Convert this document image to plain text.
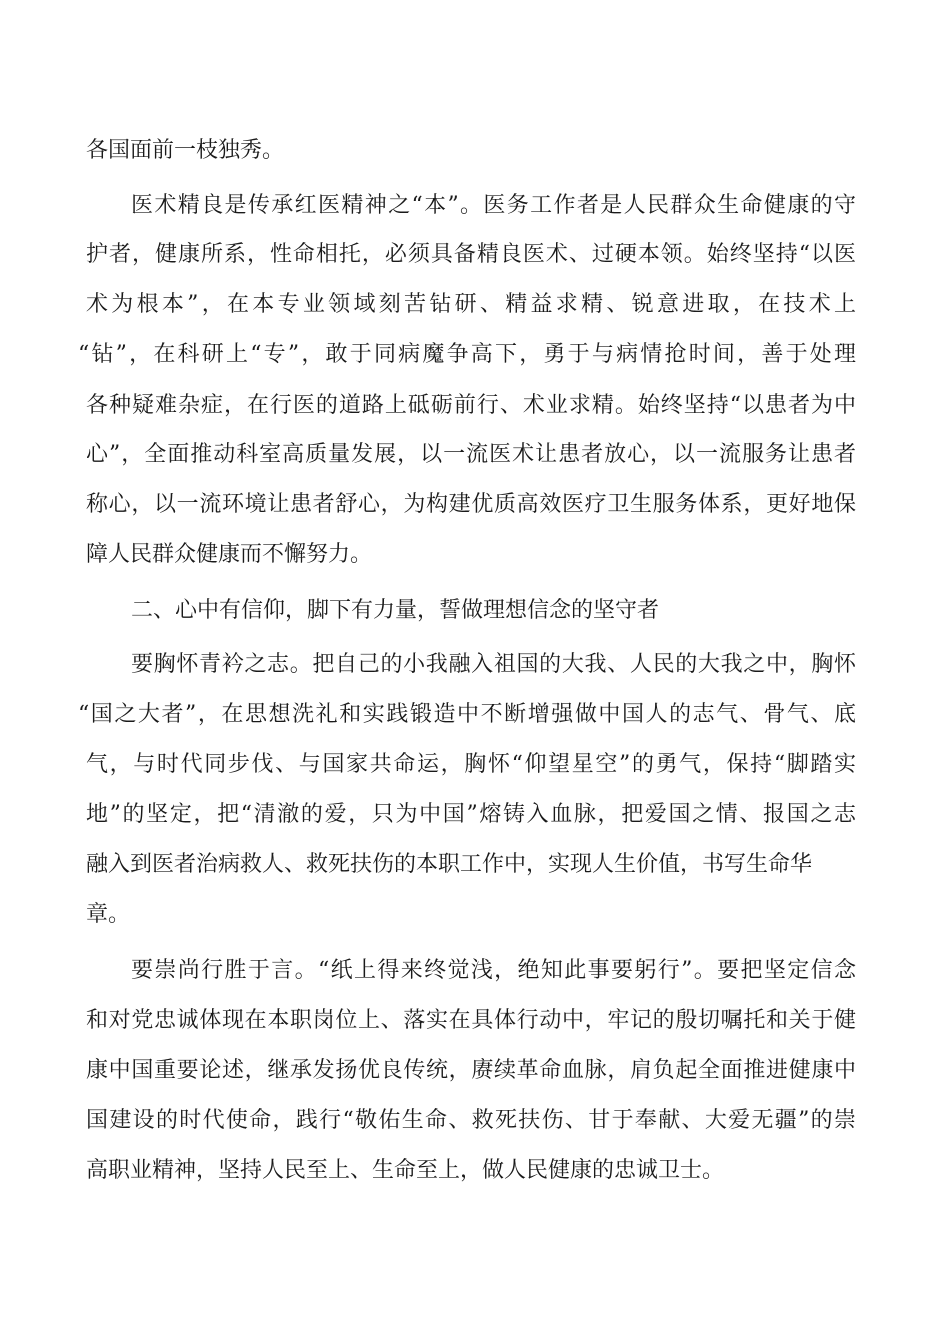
各国面前一枝独秀。
医术精良是传承红医精神之“本”。医务工作者是人民群众生命健康的守
护者，健康所系，性命相托，必须具备精良医术、过硬本领。始终坚持“以医
术为根本”，在本专业领域刻苦钻研、精益求精、锐意进取，在技术上
“钻”，在科研上“专”，敢于同病魔争高下，勇于与病情抢时间，善于处理
各种疑难杂症，在行医的道路上砥砺前行、术业求精。始终坚持“以患者为中
心”，全面推动科室高质量发展，以一流医术让患者放心，以一流服务让患者
称心，以一流环境让患者舒心，为构建优质高效医疗卫生服务体系，更好地保
障人民群众健康而不懈努力。
二、心中有信仰，脚下有力量，誓做理想信念的坚守者
要胸怀青衿之志。把自己的小我融入祖国的大我、人民的大我之中，胸怀
“国之大者”，在思想洗礼和实践锻造中不断增强做中国人的志气、骨气、底
气，与时代同步伐、与国家共命运，胸怀“仰望星空”的勇气，保持“脚踏实
地”的坚定，把“清澈的爱，只为中国”熔铸入血脉，把爱国之情、报国之志
融入到医者治病救人、救死扶伤的本职工作中，实现人生价值，书写生命华
章。
要崇尚行胜于言。“纸上得来终觉浅，绝知此事要躬行”。要把坚定信念
和对党忠诚体现在本职岗位上、落实在具体行动中，牢记的殷切嘱托和关于健
康中国重要论述，继承发扬优良传统，赓续革命血脉，肩负起全面推进健康中
国建设的时代使命，践行“敬佑生命、救死扶伤、甘于奉献、大爱无疆”的崇
高职业精神，坚持人民至上、生命至上，做人民健康的忠诚卫士。
